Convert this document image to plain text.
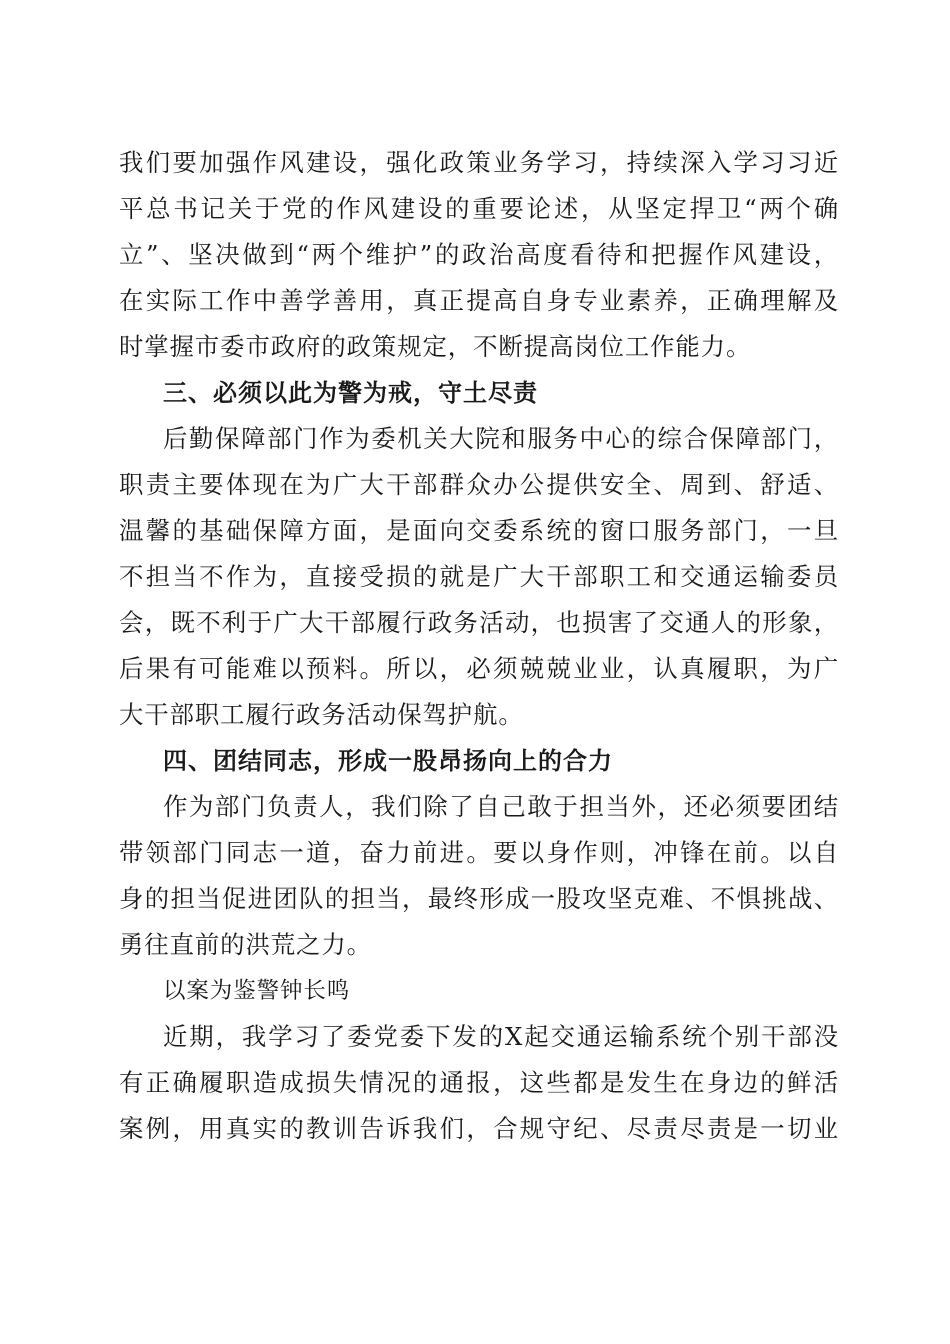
我们要加强作风建设，强化政策业务学习，持续深入学习习近
平总书记关于党的作风建设的重要论述，从坚定捍卫“两个确
立”、坚决做到“两个维护”的政治高度看待和把握作风建设，
在实际工作中善学善用，真正提高自身专业素养，正确理解及
时掌握市委市政府的政策规定，不断提高岗位工作能力。
三、必须以此为警为戒，守土尽责
后勤保障部门作为委机关大院和服务中心的综合保障部门，
职责主要体现在为广大干部群众办公提供安全、周到、舒适、
温馨的基础保障方面，是面向交委系统的窗口服务部门，一旦
不担当不作为，直接受损的就是广大干部职工和交通运输委员
会，既不利于广大干部履行政务活动，也损害了交通人的形象，
后果有可能难以预料。所以，必须兢兢业业，认真履职，为广
大干部职工履行政务活动保驾护航。
四、团结同志，形成一股昂扬向上的合力
作为部门负责人，我们除了自己敢于担当外，还必须要团结
带领部门同志一道，奋力前进。要以身作则，冲锋在前。以自
身的担当促进团队的担当，最终形成一股攻坚克难、不惧挑战、
勇往直前的洪荒之力。
以案为鉴警钟长鸣
近期，我学习了委党委下发的X起交通运输系统个别干部没
有正确履职造成损失情况的通报，这些都是发生在身边的鲜活
案例，用真实的教训告诉我们，合规守纪、尽责尽责是一切业
